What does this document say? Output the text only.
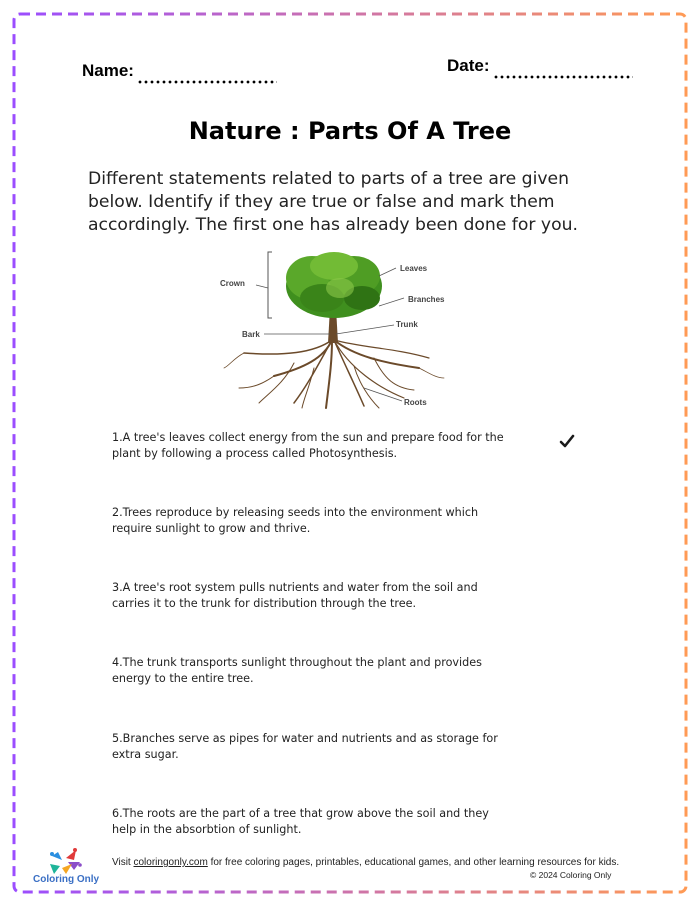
Name:	Date:
Nature : Parts Of A Tree

Different statements related to parts of a tree are given below. Identify if they are true or false and mark them accordingly. The first one has already been done for you.

Crown
Leaves
Branches
Trunk
Bark
Roots
1.A tree's leaves collect energy from the sun and prepare food for the plant by following a process called Photosynthesis.
2.Trees reproduce by releasing seeds into the environment which require sunlight to grow and thrive.
3.A tree's root system pulls nutrients and water from the soil and carries it to the trunk for distribution through the tree.
4.The trunk transports sunlight throughout the plant and provides energy to the entire tree.
5.Branches serve as pipes for water and nutrients and as storage for extra sugar.
6.The roots are the part of a tree that grow above the soil and they help in the absorbtion of sunlight.
Coloring Only
Visit coloringonly.com for free coloring pages, printables, educational games, and other learning resources for kids.
© 2024 Coloring Only
